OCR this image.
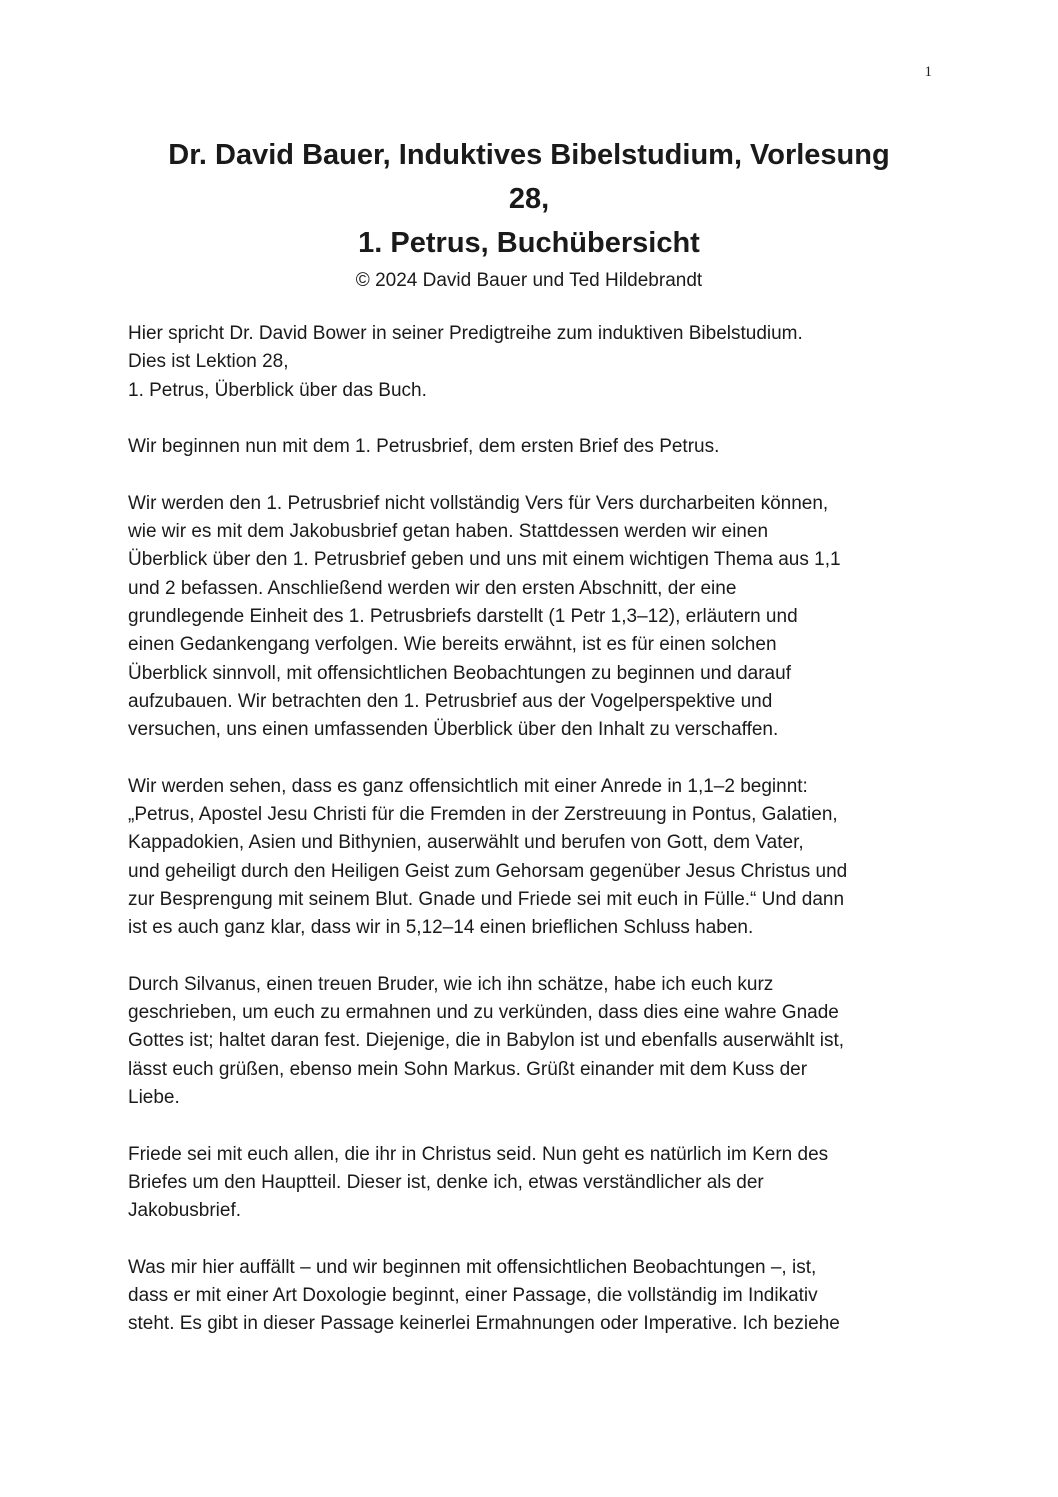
1
Dr. David Bauer, Induktives Bibelstudium, Vorlesung
28,
1. Petrus, Buchübersicht
© 2024 David Bauer und Ted Hildebrandt

Hier spricht Dr. David Bower in seiner Predigtreihe zum induktiven Bibelstudium.
Dies ist Lektion 28,
1. Petrus, Überblick über das Buch.

Wir beginnen nun mit dem 1. Petrusbrief, dem ersten Brief des Petrus.

Wir werden den 1. Petrusbrief nicht vollständig Vers für Vers durcharbeiten können,
wie wir es mit dem Jakobusbrief getan haben. Stattdessen werden wir einen
Überblick über den 1. Petrusbrief geben und uns mit einem wichtigen Thema aus 1,1
und 2 befassen. Anschließend werden wir den ersten Abschnitt, der eine
grundlegende Einheit des 1. Petrusbriefs darstellt (1 Petr 1,3–12), erläutern und
einen Gedankengang verfolgen. Wie bereits erwähnt, ist es für einen solchen
Überblick sinnvoll, mit offensichtlichen Beobachtungen zu beginnen und darauf
aufzubauen. Wir betrachten den 1. Petrusbrief aus der Vogelperspektive und
versuchen, uns einen umfassenden Überblick über den Inhalt zu verschaffen.

Wir werden sehen, dass es ganz offensichtlich mit einer Anrede in 1,1–2 beginnt:
„Petrus, Apostel Jesu Christi für die Fremden in der Zerstreuung in Pontus, Galatien,
Kappadokien, Asien und Bithynien, auserwählt und berufen von Gott, dem Vater,
und geheiligt durch den Heiligen Geist zum Gehorsam gegenüber Jesus Christus und
zur Besprengung mit seinem Blut. Gnade und Friede sei mit euch in Fülle.“ Und dann
ist es auch ganz klar, dass wir in 5,12–14 einen brieflichen Schluss haben.

Durch Silvanus, einen treuen Bruder, wie ich ihn schätze, habe ich euch kurz
geschrieben, um euch zu ermahnen und zu verkünden, dass dies eine wahre Gnade
Gottes ist; haltet daran fest. Diejenige, die in Babylon ist und ebenfalls auserwählt ist,
lässt euch grüßen, ebenso mein Sohn Markus. Grüßt einander mit dem Kuss der
Liebe.

Friede sei mit euch allen, die ihr in Christus seid. Nun geht es natürlich im Kern des
Briefes um den Hauptteil. Dieser ist, denke ich, etwas verständlicher als der
Jakobusbrief.

Was mir hier auffällt – und wir beginnen mit offensichtlichen Beobachtungen –, ist,
dass er mit einer Art Doxologie beginnt, einer Passage, die vollständig im Indikativ
steht. Es gibt in dieser Passage keinerlei Ermahnungen oder Imperative. Ich beziehe
